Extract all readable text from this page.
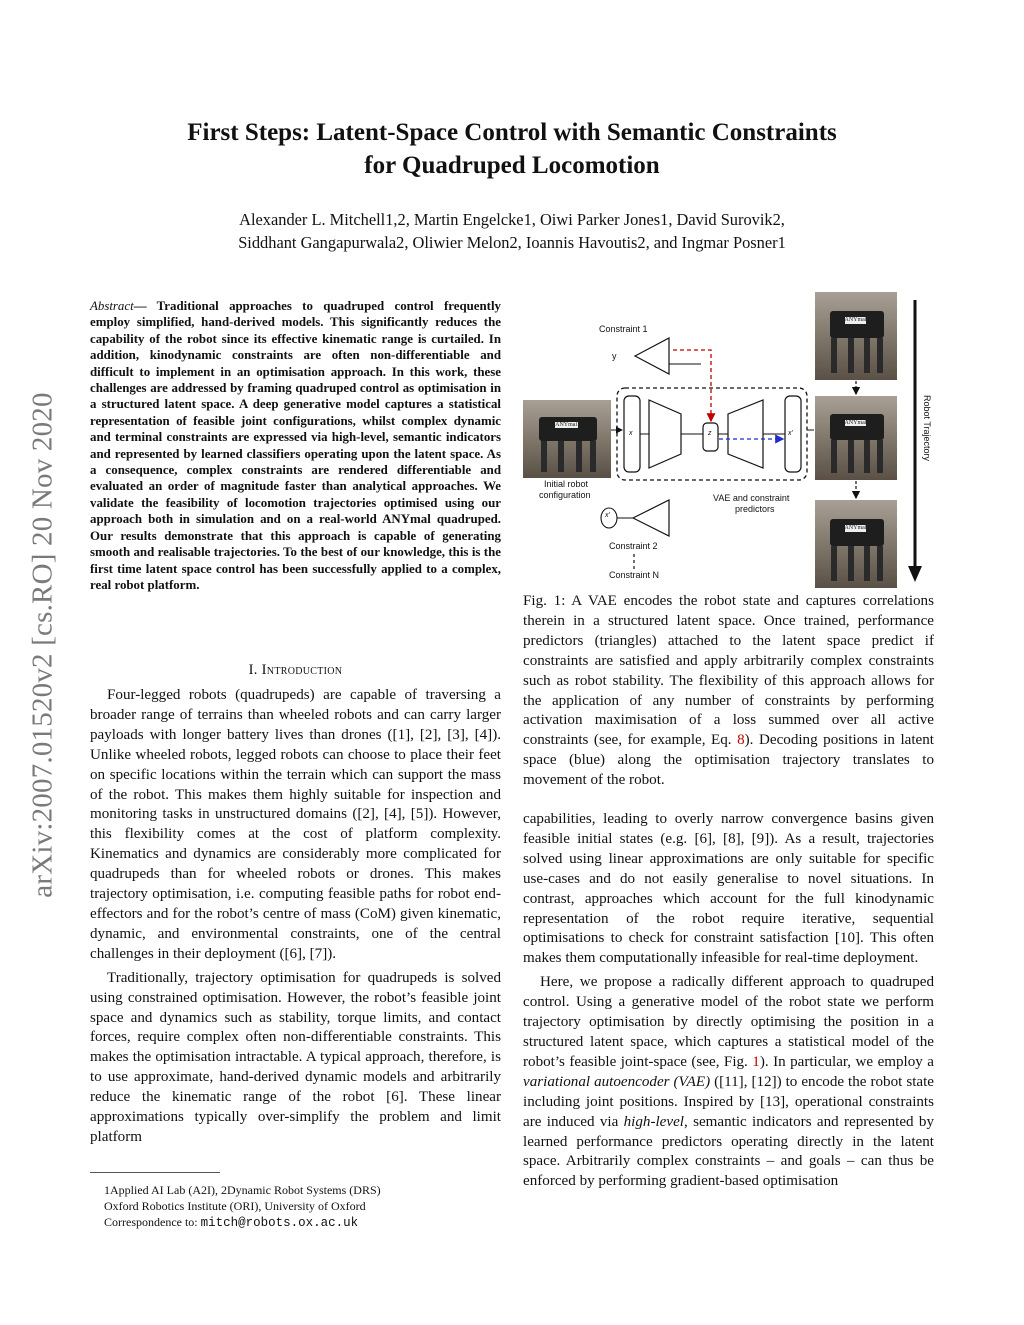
arXiv:2007.01520v2 [cs.RO] 20 Nov 2020
First Steps: Latent-Space Control with Semantic Constraints
for Quadruped Locomotion
Alexander L. Mitchell1,2, Martin Engelcke1, Oiwi Parker Jones1, David Surovik2,
Siddhant Gangapurwala2, Oliwier Melon2, Ioannis Havoutis2, and Ingmar Posner1
Abstract— Traditional approaches to quadruped control frequently employ simplified, hand-derived models. This significantly reduces the capability of the robot since its effective kinematic range is curtailed. In addition, kinodynamic constraints are often non-differentiable and difficult to implement in an optimisation approach. In this work, these challenges are addressed by framing quadruped control as optimisation in a structured latent space. A deep generative model captures a statistical representation of feasible joint configurations, whilst complex dynamic and terminal constraints are expressed via high-level, semantic indicators and represented by learned classifiers operating upon the latent space. As a consequence, complex constraints are rendered differentiable and evaluated an order of magnitude faster than analytical approaches. We validate the feasibility of locomotion trajectories optimised using our approach both in simulation and on a real-world ANYmal quadruped. Our results demonstrate that this approach is capable of generating smooth and realisable trajectories. To the best of our knowledge, this is the first time latent space control has been successfully applied to a complex, real robot platform.
I. Introduction

Four-legged robots (quadrupeds) are capable of traversing a broader range of terrains than wheeled robots and can carry larger payloads with longer battery lives than drones ([1], [2], [3], [4]). Unlike wheeled robots, legged robots can choose to place their feet on specific locations within the terrain which can support the mass of the robot. This makes them highly suitable for inspection and monitoring tasks in unstructured domains ([2], [4], [5]). However, this flexibility comes at the cost of platform complexity. Kinematics and dynamics are considerably more complicated for quadrupeds than for wheeled robots or drones. This makes trajectory optimisation, i.e. computing feasible paths for robot end-effectors and for the robot’s centre of mass (CoM) given kinematic, dynamic, and environmental constraints, one of the central challenges in their deployment ([6], [7]).

Traditionally, trajectory optimisation for quadrupeds is solved using constrained optimisation. However, the robot’s feasible joint space and dynamics such as stability, torque limits, and contact forces, require complex often non-differentiable constraints. This makes the optimisation intractable. A typical approach, therefore, is to use approximate, hand-derived dynamic models and arbitrarily reduce the kinematic range of the robot [6]. These linear approximations typically over-simplify the problem and limit platform

1Applied AI Lab (A2I), 2Dynamic Robot Systems (DRS)
Oxford Robotics Institute (ORI), University of Oxford
Correspondence to: mitch@robots.ox.ac.uk
ANYmal
ANYmal
ANYmal
ANYmal
Constraint 1
y
x	z	x'
x'
Initial robot
configuration	VAE and constraint
predictors
Constraint 2
Constraint N
Robot Trajectory
Fig. 1: A VAE encodes the robot state and captures correlations therein in a structured latent space. Once trained, performance predictors (triangles) attached to the latent space predict if constraints are satisfied and apply arbitrarily complex constraints such as robot stability. The flexibility of this approach allows for the application of any number of constraints by performing activation maximisation of a loss summed over all active constraints (see, for example, Eq. 8). Decoding positions in latent space (blue) along the optimisation trajectory translates to movement of the robot.

capabilities, leading to overly narrow convergence basins given feasible initial states (e.g. [6], [8], [9]). As a result, trajectories solved using linear approximations are only suitable for specific use-cases and do not easily generalise to novel situations. In contrast, approaches which account for the full kinodynamic representation of the robot require iterative, sequential optimisations to check for constraint satisfaction [10]. This often makes them computationally infeasible for real-time deployment.

Here, we propose a radically different approach to quadruped control. Using a generative model of the robot state we perform trajectory optimisation by directly optimising the position in a structured latent space, which captures a statistical model of the robot’s feasible joint-space (see, Fig. 1). In particular, we employ a variational autoencoder (VAE) ([11], [12]) to encode the robot state including joint positions. Inspired by [13], operational constraints are induced via high-level, semantic indicators and represented by learned performance predictors operating directly in the latent space. Arbitrarily complex constraints – and goals – can thus be enforced by performing gradient-based optimisation
